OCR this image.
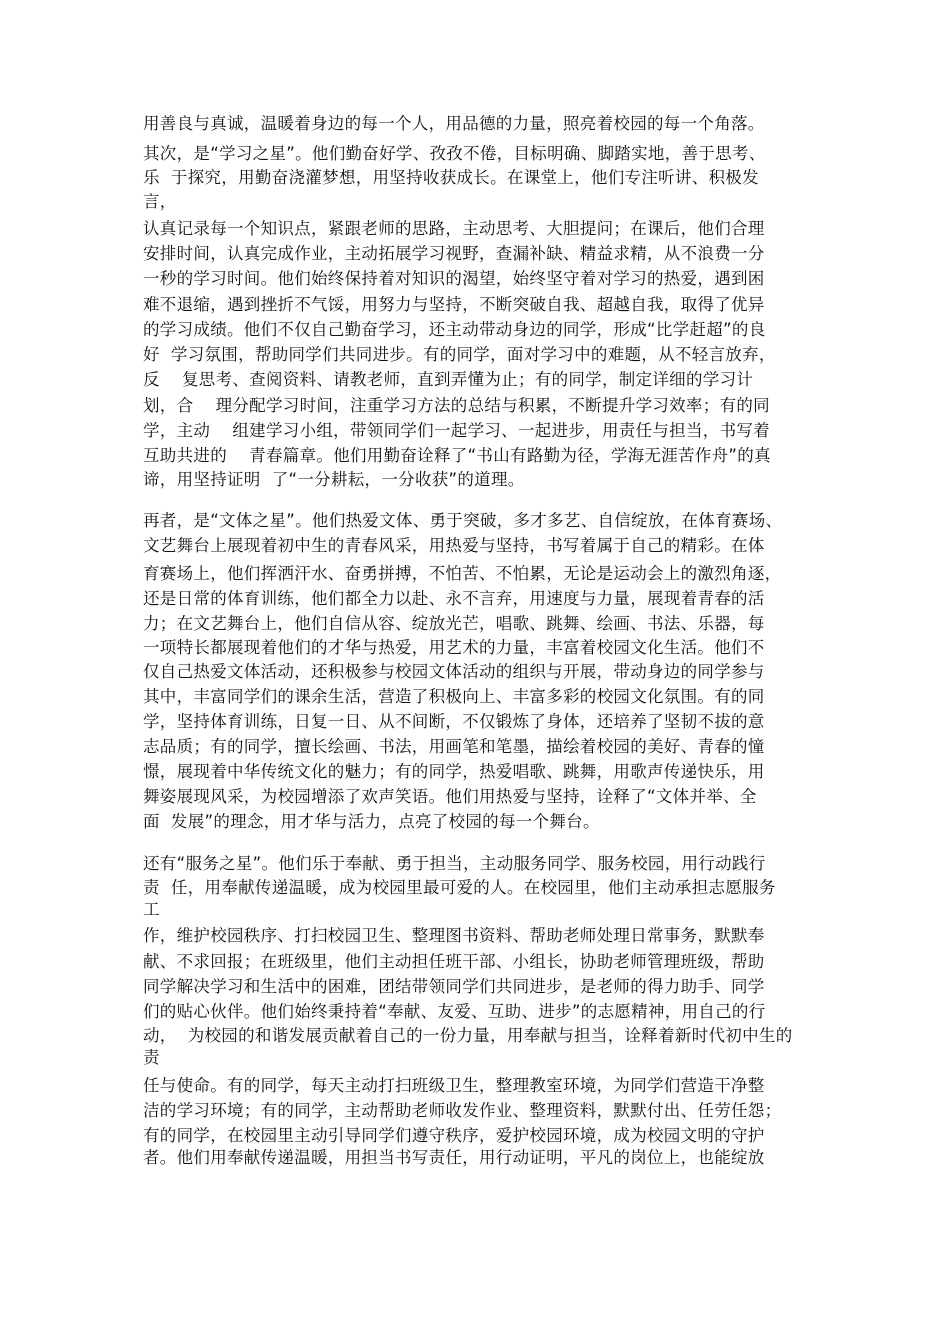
用善良与真诚，温暖着身边的每一个人，用品德的力量，照亮着校园的每一个角落。
其次，是“学习之星”。他们勤奋好学、孜孜不倦，目标明确、脚踏实地，善于思考、
乐  于探究，用勤奋浇灌梦想，用坚持收获成长。在课堂上，他们专注听讲、积极发
言，
认真记录每一个知识点，紧跟老师的思路，主动思考、大胆提问；在课后，他们合理
安排时间，认真完成作业，主动拓展学习视野，查漏补缺、精益求精，从不浪费一分
一秒的学习时间。他们始终保持着对知识的渴望，始终坚守着对学习的热爱，遇到困
难不退缩，遇到挫折不气馁，用努力与坚持，不断突破自我、超越自我，取得了优异
的学习成绩。他们不仅自己勤奋学习，还主动带动身边的同学，形成“比学赶超”的良
好  学习氛围，帮助同学们共同进步。有的同学，面对学习中的难题，从不轻言放弃，
反    复思考、查阅资料、请教老师，直到弄懂为止；有的同学，制定详细的学习计
划，合    理分配学习时间，注重学习方法的总结与积累，不断提升学习效率；有的同
学，主动    组建学习小组，带领同学们一起学习、一起进步，用责任与担当，书写着
互助共进的    青春篇章。他们用勤奋诠释了“书山有路勤为径，学海无涯苦作舟”的真
谛，用坚持证明  了“一分耕耘，一分收获”的道理。
再者，是“文体之星”。他们热爱文体、勇于突破，多才多艺、自信绽放，在体育赛场、
文艺舞台上展现着初中生的青春风采，用热爱与坚持，书写着属于自己的精彩。在体
育赛场上，他们挥洒汗水、奋勇拼搏，不怕苦、不怕累，无论是运动会上的激烈角逐，
还是日常的体育训练，他们都全力以赴、永不言弃，用速度与力量，展现着青春的活
力；在文艺舞台上，他们自信从容、绽放光芒，唱歌、跳舞、绘画、书法、乐器，每
一项特长都展现着他们的才华与热爱，用艺术的力量，丰富着校园文化生活。他们不
仅自己热爱文体活动，还积极参与校园文体活动的组织与开展，带动身边的同学参与
其中，丰富同学们的课余生活，营造了积极向上、丰富多彩的校园文化氛围。有的同
学，坚持体育训练，日复一日、从不间断，不仅锻炼了身体，还培养了坚韧不拔的意
志品质；有的同学，擅长绘画、书法，用画笔和笔墨，描绘着校园的美好、青春的憧
憬，展现着中华传统文化的魅力；有的同学，热爱唱歌、跳舞，用歌声传递快乐，用
舞姿展现风采，为校园增添了欢声笑语。他们用热爱与坚持，诠释了“文体并举、全
面  发展”的理念，用才华与活力，点亮了校园的每一个舞台。
还有“服务之星”。他们乐于奉献、勇于担当，主动服务同学、服务校园，用行动践行
责  任，用奉献传递温暖，成为校园里最可爱的人。在校园里，他们主动承担志愿服务
工
作，维护校园秩序、打扫校园卫生、整理图书资料、帮助老师处理日常事务，默默奉
献、不求回报；在班级里，他们主动担任班干部、小组长，协助老师管理班级，帮助
同学解决学习和生活中的困难，团结带领同学们共同进步，是老师的得力助手、同学
们的贴心伙伴。他们始终秉持着“奉献、友爱、互助、进步”的志愿精神，用自己的行
动，  为校园的和谐发展贡献着自己的一份力量，用奉献与担当，诠释着新时代初中生的
责
任与使命。有的同学，每天主动打扫班级卫生，整理教室环境，为同学们营造干净整
洁的学习环境；有的同学，主动帮助老师收发作业、整理资料，默默付出、任劳任怨；
有的同学，在校园里主动引导同学们遵守秩序，爱护校园环境，成为校园文明的守护
者。他们用奉献传递温暖，用担当书写责任，用行动证明，平凡的岗位上，也能绽放
